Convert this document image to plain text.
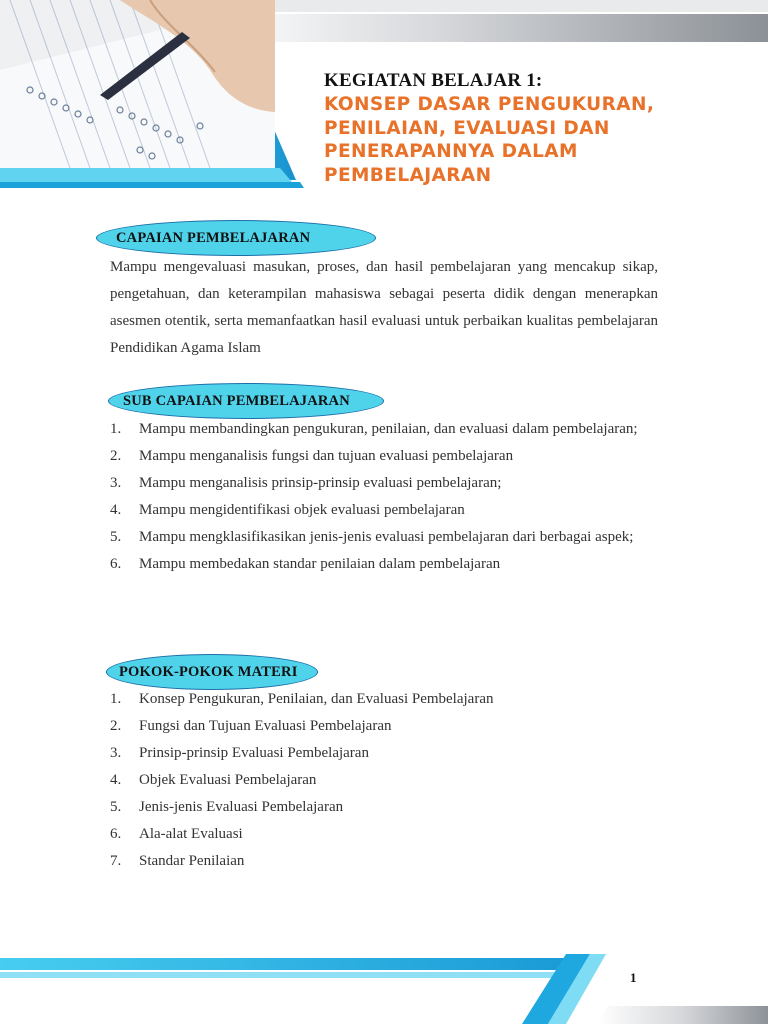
KEGIATAN BELAJAR 1:
KONSEP DASAR PENGUKURAN,
PENILAIAN, EVALUASI DAN
PENERAPANNYA DALAM
PEMBELAJARAN
CAPAIAN PEMBELAJARAN
Mampu mengevaluasi masukan, proses, dan hasil pembelajaran yang mencakup sikap, pengetahuan, dan keterampilan mahasiswa sebagai peserta didik dengan menerapkan asesmen otentik, serta memanfaatkan hasil evaluasi untuk perbaikan kualitas pembelajaran Pendidikan Agama Islam
SUB CAPAIAN PEMBELAJARAN
1. Mampu membandingkan pengukuran, penilaian, dan evaluasi dalam pembelajaran;
2. Mampu menganalisis fungsi dan tujuan evaluasi pembelajaran
3. Mampu menganalisis prinsip-prinsip evaluasi pembelajaran;
4. Mampu mengidentifikasi objek evaluasi pembelajaran
5. Mampu mengklasifikasikan jenis-jenis evaluasi pembelajaran dari berbagai aspek;
6. Mampu membedakan standar penilaian dalam pembelajaran
POKOK-POKOK MATERI
1. Konsep Pengukuran, Penilaian, dan Evaluasi Pembelajaran
2. Fungsi dan Tujuan Evaluasi Pembelajaran
3. Prinsip-prinsip Evaluasi Pembelajaran
4. Objek Evaluasi Pembelajaran
5. Jenis-jenis Evaluasi Pembelajaran
6. Ala-alat Evaluasi
7. Standar Penilaian
1
